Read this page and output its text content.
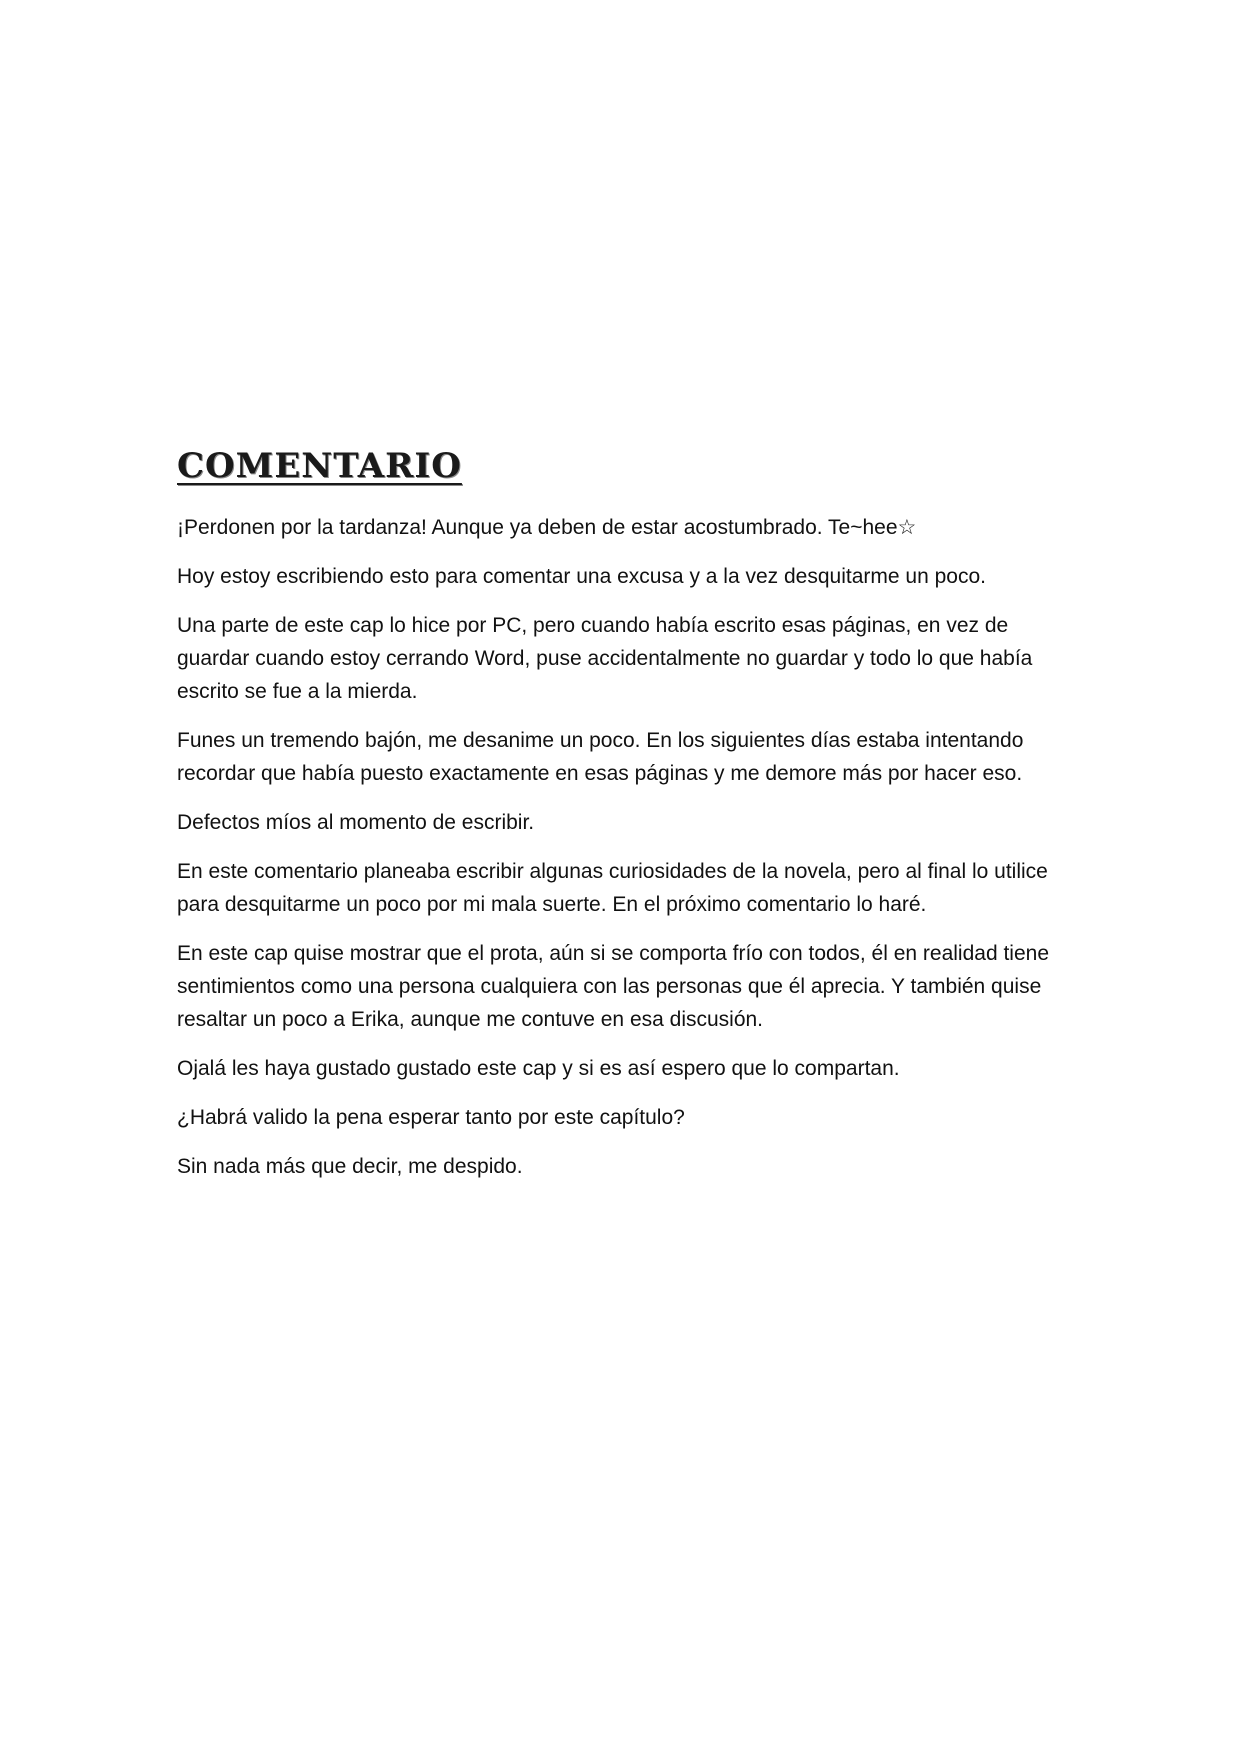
COMENTARIO

¡Perdonen por la tardanza! Aunque ya deben de estar acostumbrado. Te~hee☆

Hoy estoy escribiendo esto para comentar una excusa y a la vez desquitarme un poco.

Una parte de este cap lo hice por PC, pero cuando había escrito esas páginas, en vez de guardar cuando estoy cerrando Word, puse accidentalmente no guardar y todo lo que había escrito se fue a la mierda.

Funes un tremendo bajón, me desanime un poco. En los siguientes días estaba intentando recordar que había puesto exactamente en esas páginas y me demore más por hacer eso.

Defectos míos al momento de escribir.

En este comentario planeaba escribir algunas curiosidades de la novela, pero al final lo utilice para desquitarme un poco por mi mala suerte. En el próximo comentario lo haré.

En este cap quise mostrar que el prota, aún si se comporta frío con todos, él en realidad tiene sentimientos como una persona cualquiera con las personas que él aprecia. Y también quise resaltar un poco a Erika, aunque me contuve en esa discusión.

Ojalá les haya gustado gustado este cap y si es así espero que lo compartan.

¿Habrá valido la pena esperar tanto por este capítulo?

Sin nada más que decir, me despido.
